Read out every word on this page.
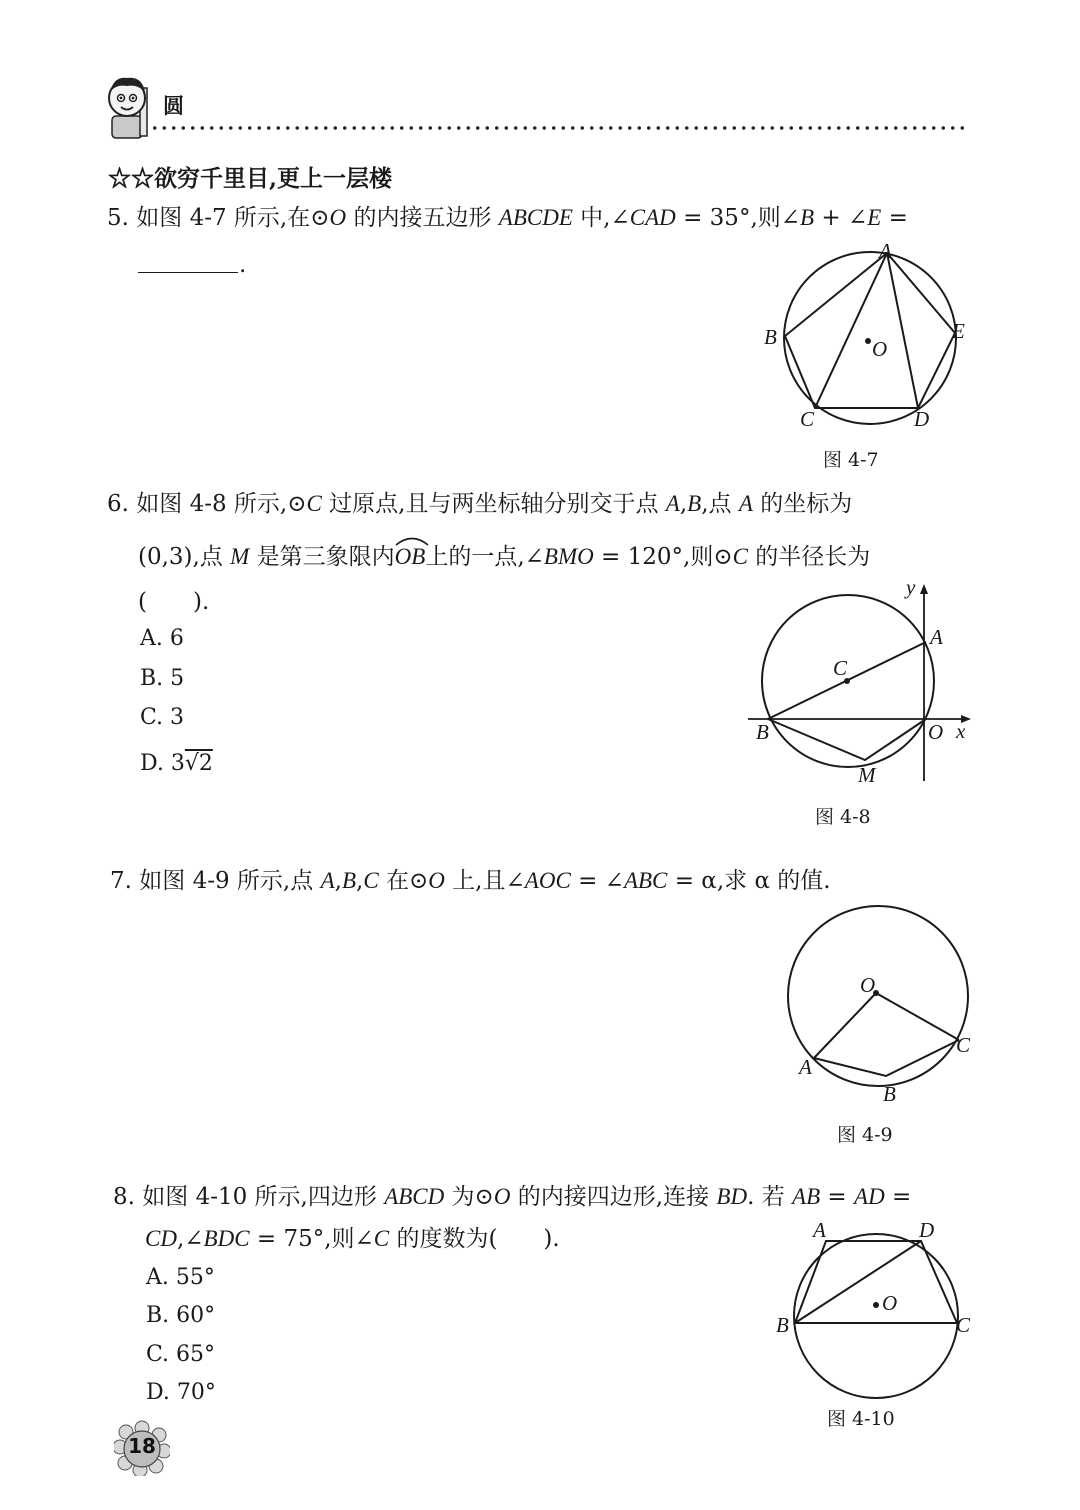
圆
☆☆欲穷千里目,更上一层楼
5. 如图 4-7 所示,在⊙O 的内接五边形 ABCDE 中,∠CAD = 35°,则∠B + ∠E =
.
A
B
C	D
E
O
图 4-7
6. 如图 4-8 所示,⊙C 过原点,且与两坐标轴分别交于点 A,B,点 A 的坐标为
(0,3),点 M 是第三象限内OB
上的一点,∠BMO = 120°,则⊙C 的半径长为
(　　).
A. 6
B. 5
C. 3
D. 3√2
y
x
A
C
B	O
M
图 4-8
7. 如图 4-9 所示,点 A,B,C 在⊙O 上,且∠AOC = ∠ABC = α,求 α 的值.
O
A
B
C
图 4-9
8. 如图 4-10 所示,四边形 ABCD 为⊙O 的内接四边形,连接 BD. 若 AB = AD =
CD,∠BDC = 75°,则∠C 的度数为(　　).
A. 55°
B. 60°
C. 65°
D. 70°
A	D
B	C
O
图 4-10
18
